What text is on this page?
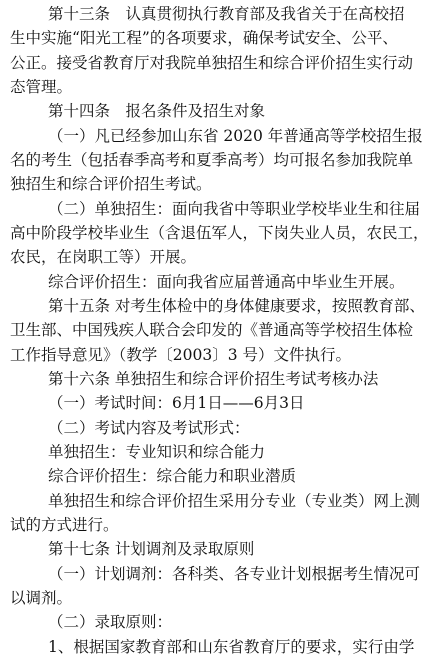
第十三条　认真贯彻执行教育部及我省关于在高校招
生中实施“阳光工程”的各项要求，确保考试安全、公平、
公正。接受省教育厅对我院单独招生和综合评价招生实行动
态管理。
第十四条　报名条件及招生对象
（一）凡已经参加山东省 2020 年普通高等学校招生报
名的考生（包括春季高考和夏季高考）均可报名参加我院单
独招生和综合评价招生考试。
（二）单独招生：面向我省中等职业学校毕业生和往届
高中阶段学校毕业生（含退伍军人，下岗失业人员，农民工，
农民，在岗职工等）开展。
综合评价招生：面向我省应届普通高中毕业生开展。
第十五条 对考生体检中的身体健康要求，按照教育部、
卫生部、中国残疾人联合会印发的《普通高等学校招生体检
工作指导意见》（教学〔2003〕3 号）文件执行。
第十六条 单独招生和综合评价招生考试考核办法
（一）考试时间：6月1日——6月3日
（二）考试内容及考试形式：
单独招生：专业知识和综合能力
综合评价招生：综合能力和职业潜质
单独招生和综合评价招生采用分专业（专业类）网上测
试的方式进行。
第十七条 计划调剂及录取原则
（一）计划调剂：各科类、各专业计划根据考生情况可
以调剂。
（二）录取原则：
1、根据国家教育部和山东省教育厅的要求，实行由学
